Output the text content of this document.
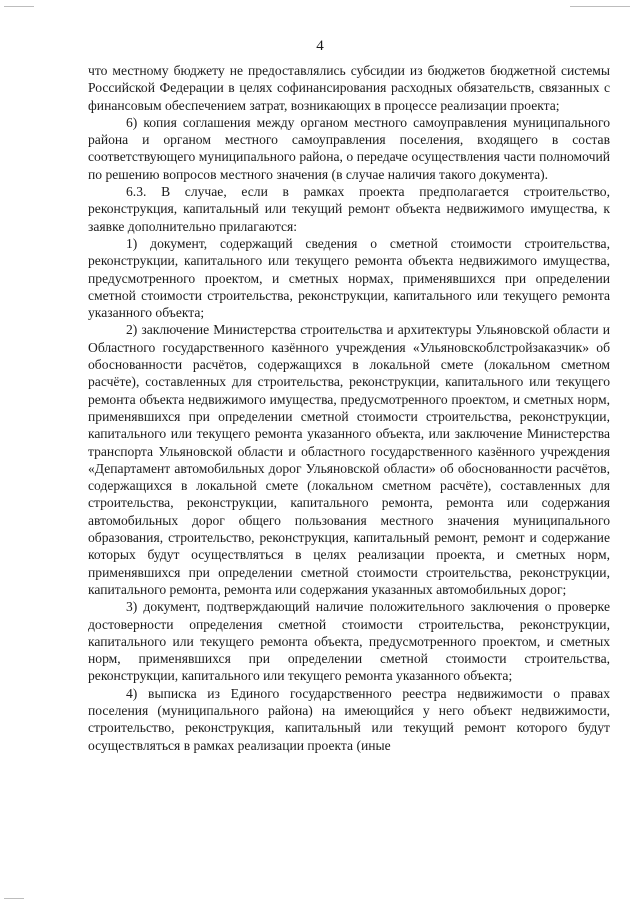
4

что местному бюджету не предоставлялись субсидии из бюджетов бюджетной системы Российской Федерации в целях софинансирования расходных обязательств, связанных с финансовым обеспечением затрат, возникающих в процессе реализации проекта;

6) копия соглашения между органом местного самоуправления муниципального района и органом местного самоуправления поселения, входящего в состав соответствующего муниципального района, о передаче осуществления части полномочий по решению вопросов местного значения (в случае наличия такого документа).

6.3. В случае, если в рамках проекта предполагается строительство, реконструкция, капитальный или текущий ремонт объекта недвижимого имущества, к заявке дополнительно прилагаются:

1) документ, содержащий сведения о сметной стоимости строительства, реконструкции, капитального или текущего ремонта объекта недвижимого имущества, предусмотренного проектом, и сметных нормах, применявшихся при определении сметной стоимости строительства, реконструкции, капитального или текущего ремонта указанного объекта;

2) заключение Министерства строительства и архитектуры Ульяновской области и Областного государственного казённого учреждения «Ульяновскоблстройзаказчик» об обоснованности расчётов, содержащихся в локальной смете (локальном сметном расчёте), составленных для строительства, реконструкции, капитального или текущего ремонта объекта недвижимого имущества, предусмотренного проектом, и сметных норм, применявшихся при определении сметной стоимости строительства, реконструкции, капитального или текущего ремонта указанного объекта, или заключение Министерства транспорта Ульяновской области и областного государственного казённого учреждения «Департамент автомобильных дорог Ульяновской области» об обоснованности расчётов, содержащихся в локальной смете (локальном сметном расчёте), составленных для строительства, реконструкции, капитального ремонта, ремонта или содержания автомобильных дорог общего пользования местного значения муниципального образования, строительство, реконструкция, капитальный ремонт, ремонт и содержание которых будут осуществляться в целях реализации проекта, и сметных норм, применявшихся при определении сметной стоимости строительства, реконструкции, капитального ремонта, ремонта или содержания указанных автомобильных дорог;

3) документ, подтверждающий наличие положительного заключения о проверке достоверности определения сметной стоимости строительства, реконструкции, капитального или текущего ремонта объекта, предусмотренного проектом, и сметных норм, применявшихся при определении сметной стоимости строительства, реконструкции, капитального или текущего ремонта указанного объекта;

4) выписка из Единого государственного реестра недвижимости о правах поселения (муниципального района) на имеющийся у него объект недвижимости, строительство, реконструкция, капитальный или текущий ремонт которого будут осуществляться в рамках реализации проекта (иные
